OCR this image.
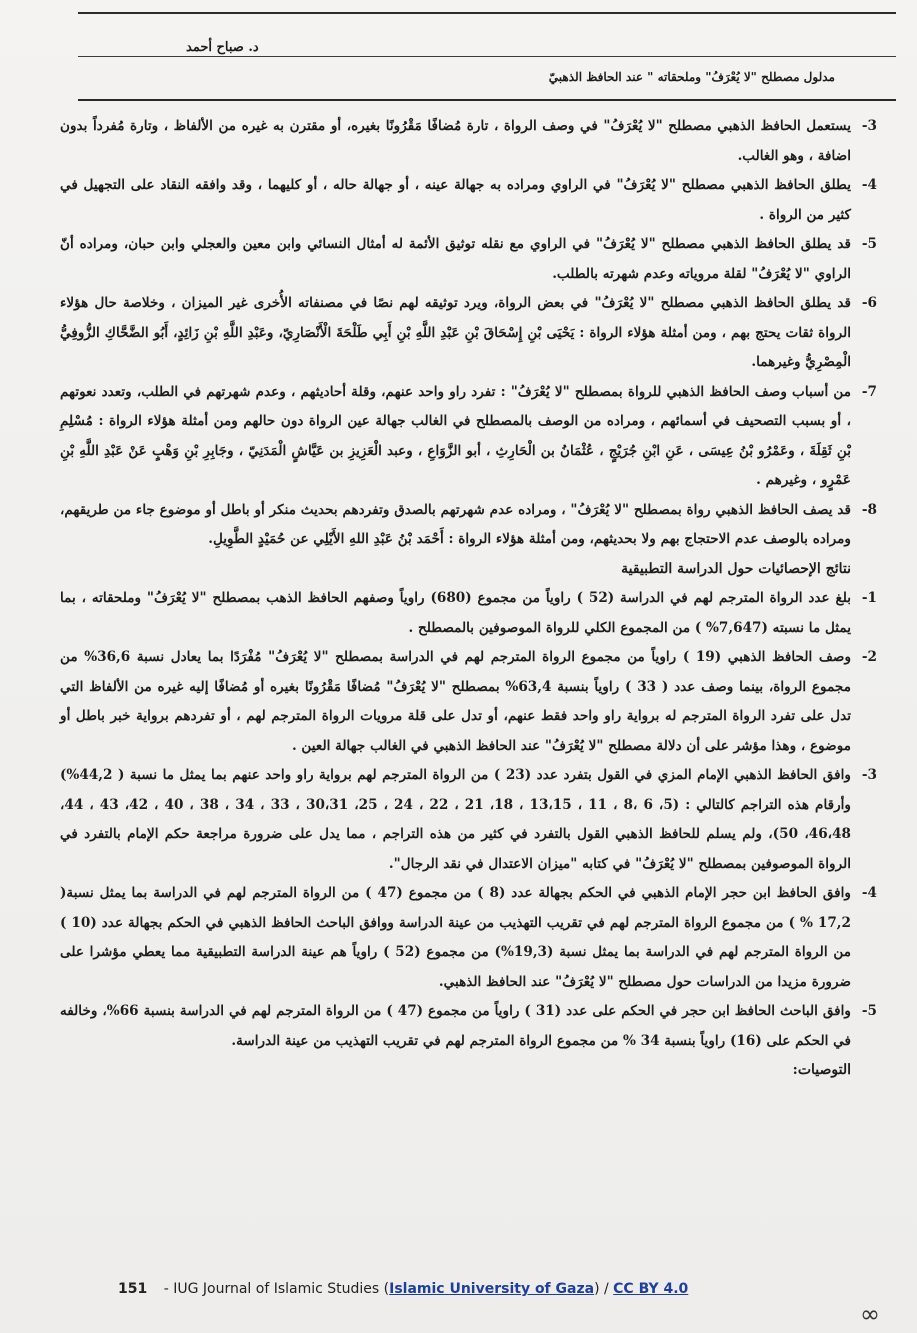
د. صباح أحمد
مدلول مصطلح "لا يُعْرَفُ" وملحقاته " عند الحافظ الذهبيّ
3-
يستعمل الحافظ الذهبي مصطلح "لا يُعْرَفُ" في وصف الرواة ، تارة مُضافًا مَقْرُونًا بغيره، أو مقترن به غيره من الألفاظ ، وتارة مُفرداً بدون اضافة ، وهو الغالب.
4-
يطلق الحافظ الذهبي مصطلح "لا يُعْرَفُ" في الراوي ومراده به جهالة عينه ، أو جهالة حاله ، أو كليهما ، وقد وافقه النقاد على التجهيل في كثير من الرواة .
5-
قد يطلق الحافظ الذهبي مصطلح "لا يُعْرَفُ" في الراوي مع نقله توثيق الأئمة له أمثال النسائي وابن معين والعجلي وابن حبان، ومراده أنّ الراوي "لا يُعْرَفُ" لقلة مروياته وعدم شهرته بالطلب.
6-
قد يطلق الحافظ الذهبي مصطلح "لا يُعْرَفُ" في بعض الرواة، ويرد توثيقه لهم نصًا في مصنفاته الأُخرى غير الميزان ، وخلاصة حال هؤلاء الرواة ثقات يحتج بهم ، ومن أمثلة هؤلاء الرواة : يَحْيَى بْنِ إِسْحَاقَ بْنِ عَبْدِ اللَّهِ بْنِ أَبِي طَلْحَةَ الْأَنْصَارِيّ، وعَبْدِ اللَّهِ بْنِ زَائِدٍ، أَبُو الضَّحَّاكِ الزُّوفِيُّ الْمِصْرِيُّ وغيرهما.
7-
من أسباب وصف الحافظ الذهبي للرواة بمصطلح "لا يُعْرَفُ" : تفرد راو واحد عنهم، وقلة أحاديثهم ، وعدم شهرتهم في الطلب، وتعدد نعوتهم ، أو بسبب التصحيف في أسمائهم ، ومراده من الوصف بالمصطلح في الغالب جهالة عين الرواة دون حالهم ومن أمثلة هؤلاء الرواة : مُسْلِمِ بْنِ ثَقِلَةَ ، وعَمْرُو بْنُ عِيسَى ، عَنِ ابْنِ جُرَيْجٍ ، عُثْمَانُ بن الْحَارِثِ ، أبو الزَّوَاعِ ، وعبد الْعَزِيزِ بن عَيَّاشٍ الْمَدَنِيّ ، وجَابِرِ بْنِ وَهْبٍ عَنْ عَبْدِ اللَّهِ بْنِ عَمْرٍو ، وغيرهم .
8-
قد يصف الحافظ الذهبي رواة بمصطلح "لا يُعْرَفُ" ، ومراده عدم شهرتهم بالصدق وتفردهم بحديث منكر أو باطل أو موضوع جاء من طريقهم، ومراده بالوصف عدم الاحتجاج بهم ولا بحديثهم، ومن أمثلة هؤلاء الرواة : أَحْمَد بْنُ عَبْدِ اللهِ الأَيْلِي عن حُمَيْدٍ الطَّوِيلِ.
نتائج الإحصائيات حول الدراسة التطبيقية
1-
بلغ عدد الرواة المترجم لهم في الدراسة (52 ) راوياً من مجموع (680) راوياً وصفهم الحافظ الذهب بمصطلح "لا يُعْرَفُ" وملحقاته ، بما يمثل ما نسبته (7,647% ) من المجموع الكلي للرواة الموصوفين بالمصطلح .
2-
وصف الحافظ الذهبي (19 ) راوياً من مجموع الرواة المترجم لهم في الدراسة بمصطلح "لا يُعْرَفُ" مُفْرَدًا بما يعادل نسبة 36,6% من مجموع الرواة، بينما وصف عدد ( 33 ) راوياً بنسبة 63,4% بمصطلح "لا يُعْرَفُ" مُضافًا مَقْرُونًا بغيره أو مُضافًا إليه غيره من الألفاظ التي تدل على تفرد الرواة المترجم له برواية راو واحد فقط عنهم، أو تدل على قلة مرويات الرواة المترجم لهم ، أو تفردهم برواية خبر باطل أو موضوع ، وهذا مؤشر على أن دلالة مصطلح "لا يُعْرَفُ" عند الحافظ الذهبي في الغالب جهالة العين .
3-
وافق الحافظ الذهبي الإمام المزي في القول بتفرد عدد (23 ) من الرواة المترجم لهم برواية راو واحد عنهم بما يمثل ما نسبة ( 44,2%) وأرقام هذه التراجم كالتالي : (5، 6 ،8 ، 11 ، 13،15 ، 18، 21 ، 22 ، 24 ، 25، 30،31 ، 33 ، 34 ، 38 ، 40 ، 42، 43 ، 44، 46،48، 50)، ولم يسلم للحافظ الذهبي القول بالتفرد في كثير من هذه التراجم ، مما يدل على ضرورة مراجعة حكم الإمام بالتفرد في الرواة الموصوفين بمصطلح "لا يُعْرَفُ" في كتابه "ميزان الاعتدال في نقد الرجال".
4-
وافق الحافظ ابن حجر الإمام الذهبي في الحكم بجهالة عدد (8 ) من مجموع (47 ) من الرواة المترجم لهم في الدراسة بما يمثل نسبة( 17,2 % ) من مجموع الرواة المترجم لهم في تقريب التهذيب من عينة الدراسة ووافق الباحث الحافظ الذهبي في الحكم بجهالة عدد (10 ) من الرواة المترجم لهم في الدراسة بما يمثل نسبة (19,3%) من مجموع (52 ) راوياً هم عينة الدراسة التطبيقية مما يعطي مؤشرا على ضرورة مزيدا من الدراسات حول مصطلح "لا يُعْرَفُ" عند الحافظ الذهبي.
5-
وافق الباحث الحافظ ابن حجر في الحكم على عدد (31 ) راوياً من مجموع (47 ) من الرواة المترجم لهم في الدراسة بنسبة 66%، وخالفه في الحكم على (16) راوياً بنسبة 34 % من مجموع الرواة المترجم لهم في تقريب التهذيب من عينة الدراسة.
التوصيات:
151 - IUG Journal of Islamic Studies (Islamic University of Gaza) / CC BY 4.0
∞
